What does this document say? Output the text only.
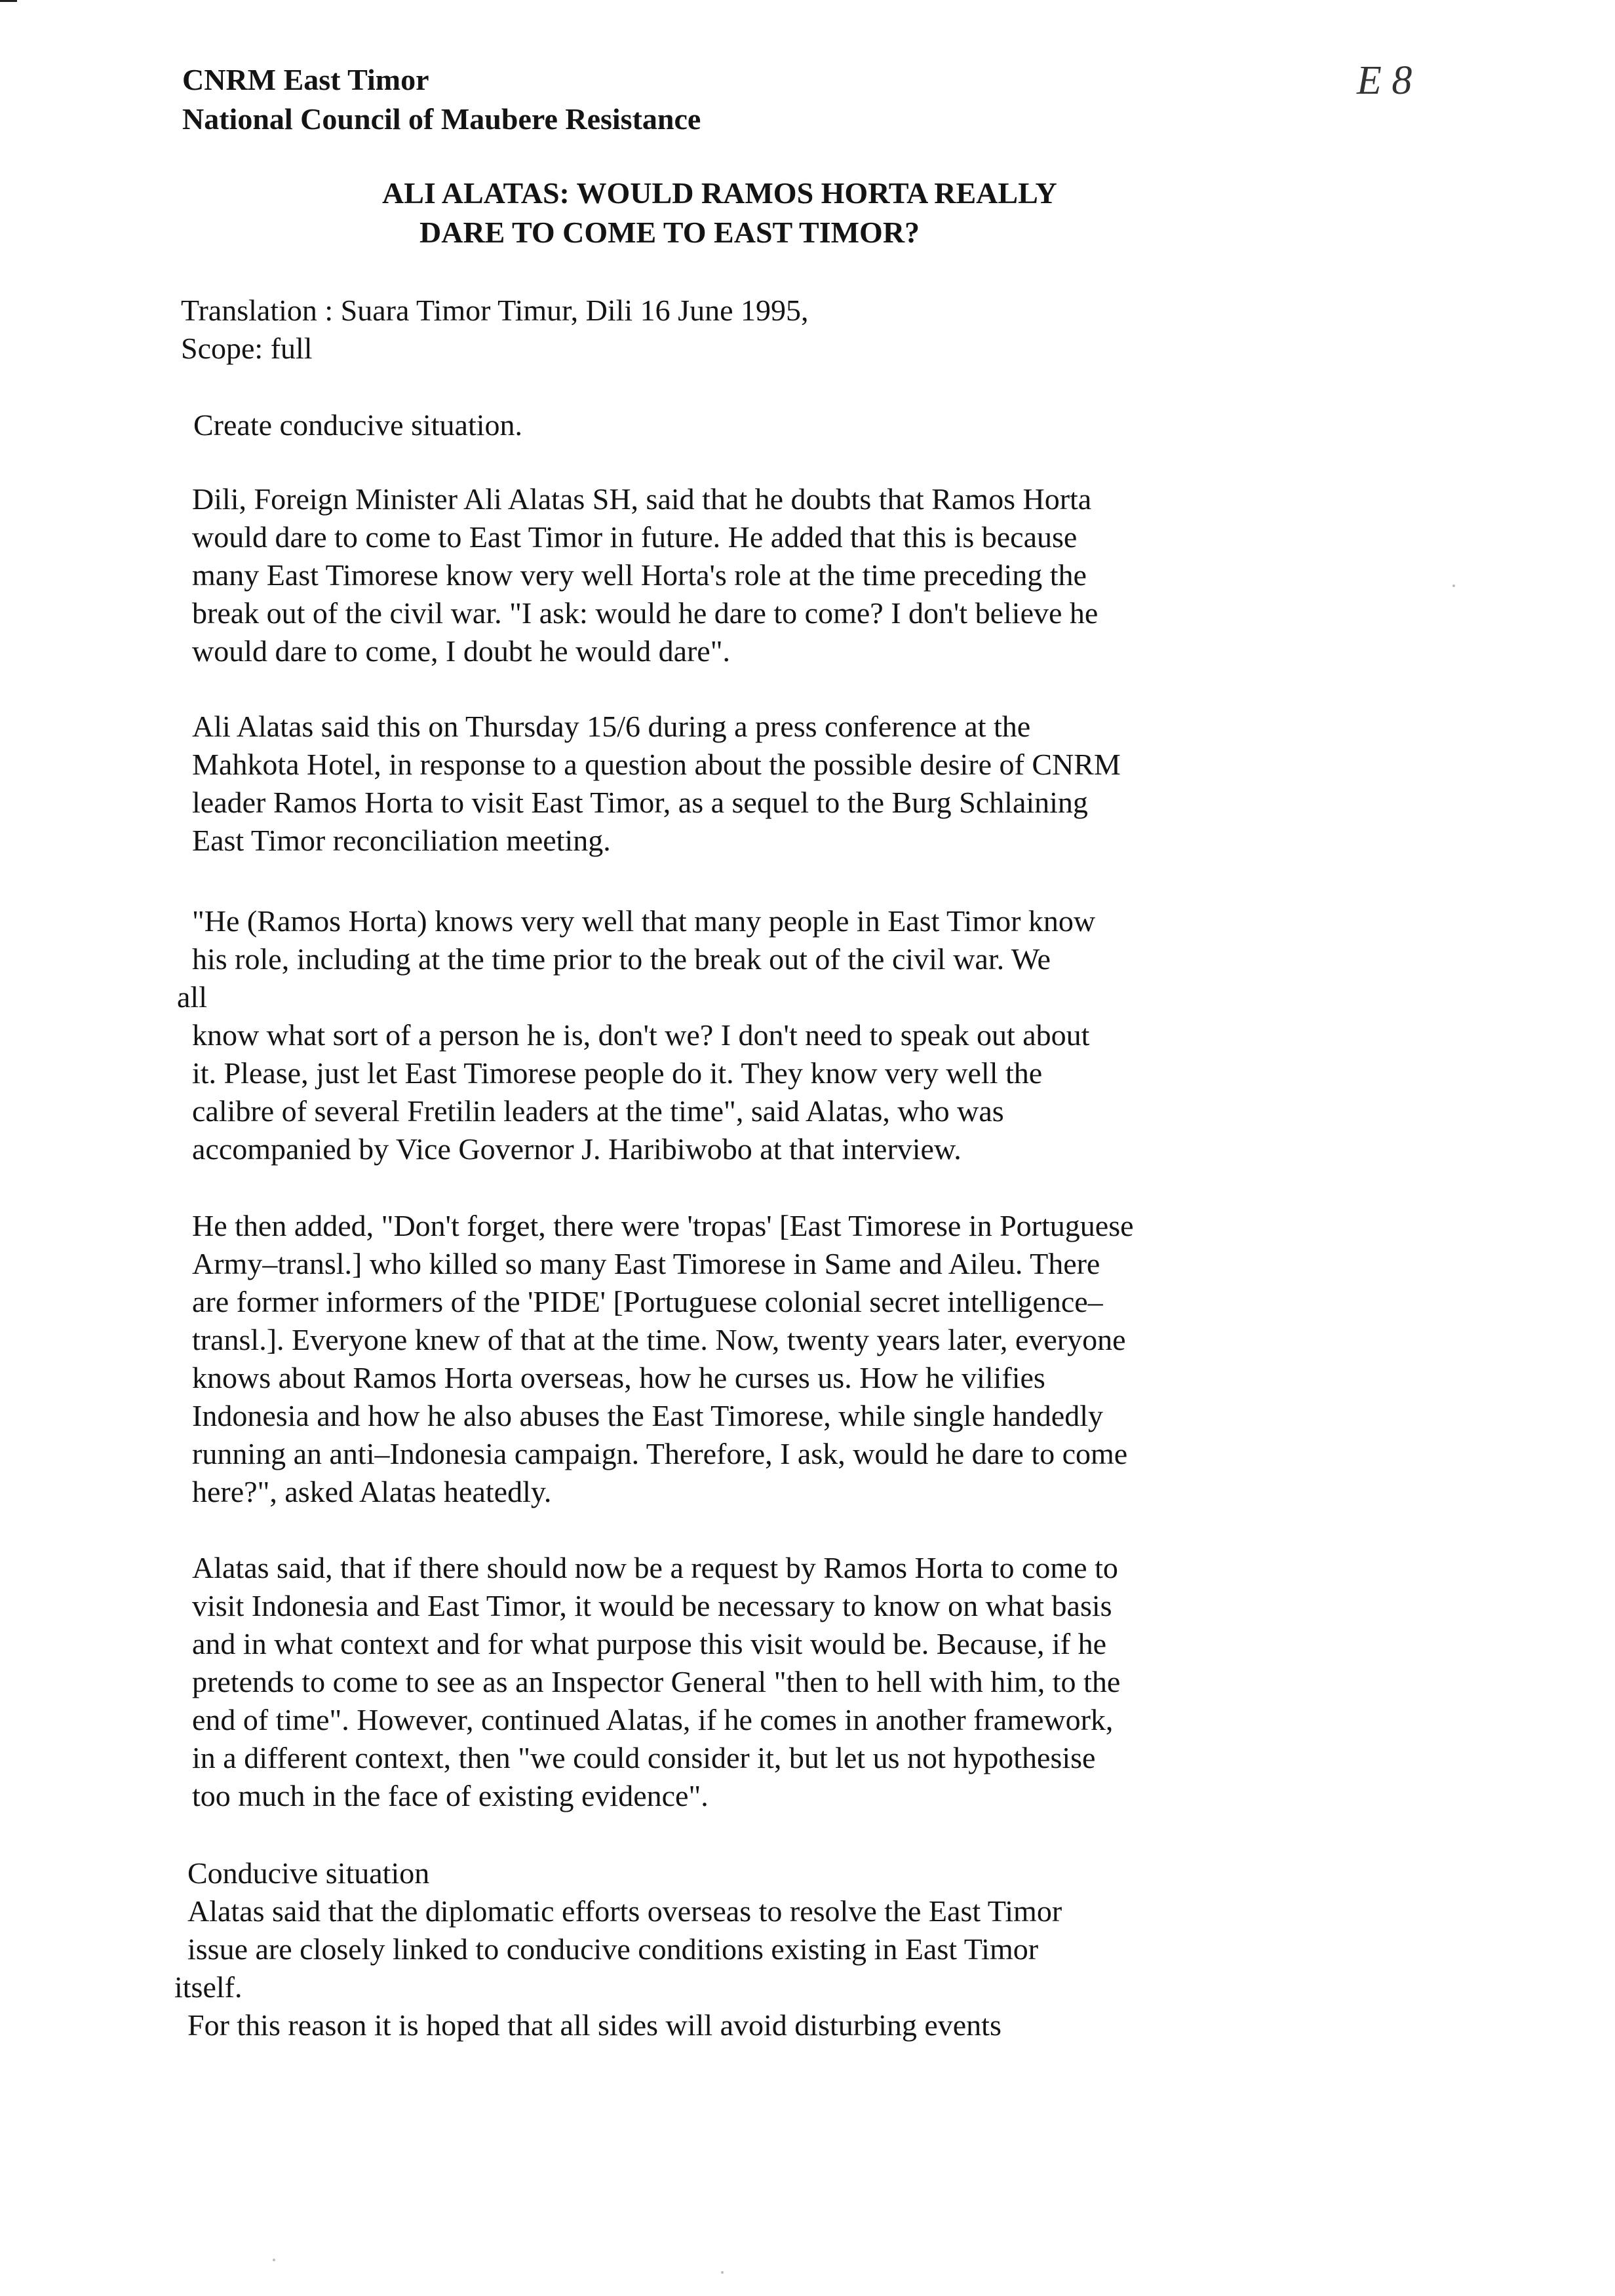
CNRM East Timor
National Council of Maubere Resistance
E 8
ALI ALATAS: WOULD RAMOS HORTA REALLY
DARE TO COME TO EAST TIMOR?
Translation : Suara Timor Timur, Dili 16 June 1995,
Scope: full
Create conducive situation.
Dili, Foreign Minister Ali Alatas SH, said that he doubts that Ramos Horta
would dare to come to East Timor in future. He added that this is because
many East Timorese know very well Horta's role at the time preceding the
break out of the civil war. "I ask: would he dare to come? I don't believe he
would dare to come, I doubt he would dare".
Ali Alatas said this on Thursday 15/6 during a press conference at the
Mahkota Hotel, in response to a question about the possible desire of CNRM
leader Ramos Horta to visit East Timor, as a sequel to the Burg Schlaining
East Timor reconciliation meeting.
"He (Ramos Horta) knows very well that many people in East Timor know
his role, including at the time prior to the break out of the civil war. We
all
know what sort of a person he is, don't we? I don't need to speak out about
it. Please, just let East Timorese people do it. They know very well the
calibre of several Fretilin leaders at the time", said Alatas, who was
accompanied by Vice Governor J. Haribiwobo at that interview.
He then added, "Don't forget, there were 'tropas' [East Timorese in Portuguese
Army–transl.] who killed so many East Timorese in Same and Aileu. There
are former informers of the 'PIDE' [Portuguese colonial secret intelligence–
transl.]. Everyone knew of that at the time. Now, twenty years later, everyone
knows about Ramos Horta overseas, how he curses us. How he vilifies
Indonesia and how he also abuses the East Timorese, while single handedly
running an anti–Indonesia campaign. Therefore, I ask, would he dare to come
here?", asked Alatas heatedly.
Alatas said, that if there should now be a request by Ramos Horta to come to
visit Indonesia and East Timor, it would be necessary to know on what basis
and in what context and for what purpose this visit would be. Because, if he
pretends to come to see as an Inspector General "then to hell with him, to the
end of time". However, continued Alatas, if he comes in another framework,
in a different context, then "we could consider it, but let us not hypothesise
too much in the face of existing evidence".
Conducive situation
Alatas said that the diplomatic efforts overseas to resolve the East Timor
issue are closely linked to conducive conditions existing in East Timor
itself.
For this reason it is hoped that all sides will avoid disturbing events
